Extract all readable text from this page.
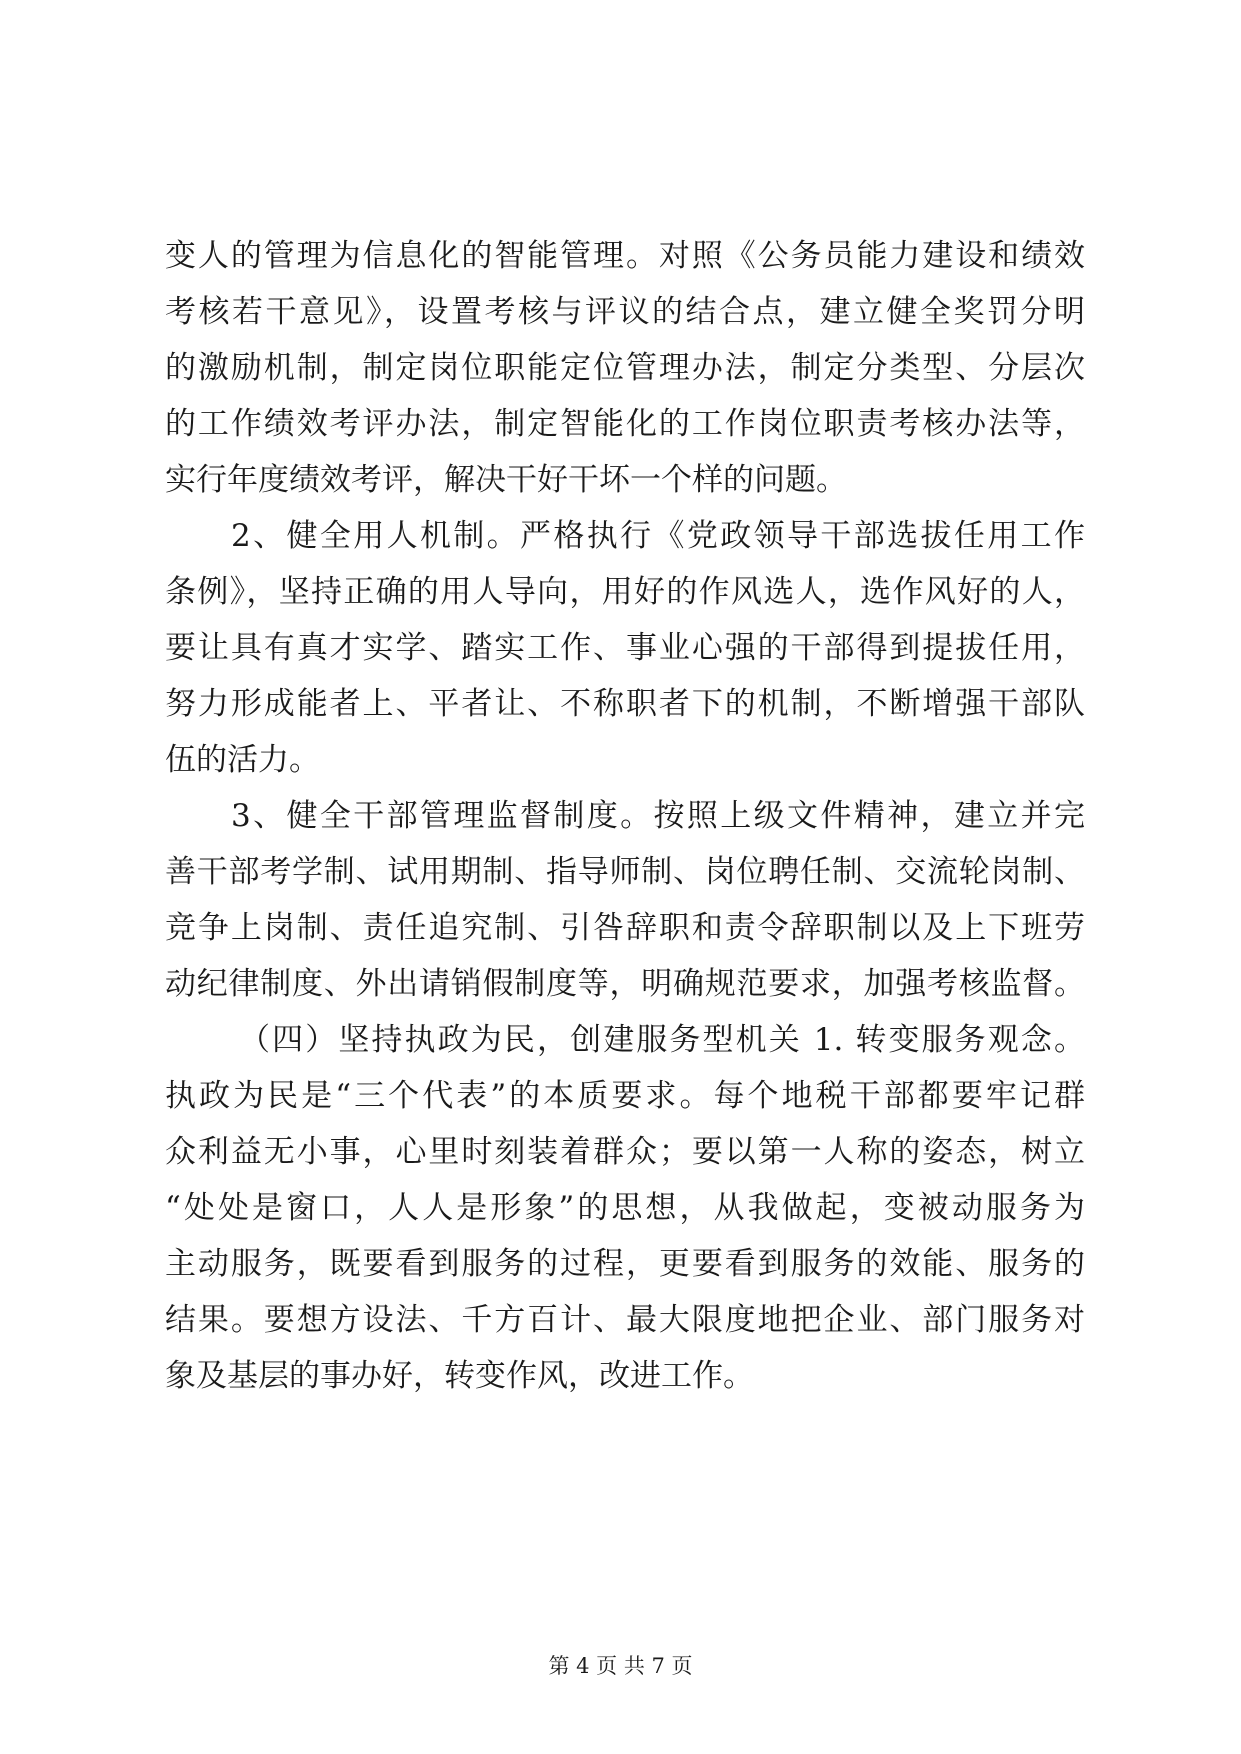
变人的管理为信息化的智能管理。对照《公务员能力建设和绩效
考核若干意见》，设置考核与评议的结合点，建立健全奖罚分明
的激励机制，制定岗位职能定位管理办法，制定分类型、分层次
的工作绩效考评办法，制定智能化的工作岗位职责考核办法等，
实行年度绩效考评，解决干好干坏一个样的问题。
2、健全用人机制。严格执行《党政领导干部选拔任用工作
条例》，坚持正确的用人导向，用好的作风选人，选作风好的人，
要让具有真才实学、踏实工作、事业心强的干部得到提拔任用，
努力形成能者上、平者让、不称职者下的机制，不断增强干部队
伍的活力。
3、健全干部管理监督制度。按照上级文件精神，建立并完
善干部考学制、试用期制、指导师制、岗位聘任制、交流轮岗制、
竞争上岗制、责任追究制、引咎辞职和责令辞职制以及上下班劳
动纪律制度、外出请销假制度等，明确规范要求，加强考核监督。
（四）坚持执政为民，创建服务型机关 1. 转变服务观念。
执政为民是“三个代表”的本质要求。每个地税干部都要牢记群
众利益无小事，心里时刻装着群众；要以第一人称的姿态，树立
“处处是窗口，人人是形象”的思想，从我做起，变被动服务为
主动服务，既要看到服务的过程，更要看到服务的效能、服务的
结果。要想方设法、千方百计、最大限度地把企业、部门服务对
象及基层的事办好，转变作风，改进工作。
第 4 页 共 7 页
